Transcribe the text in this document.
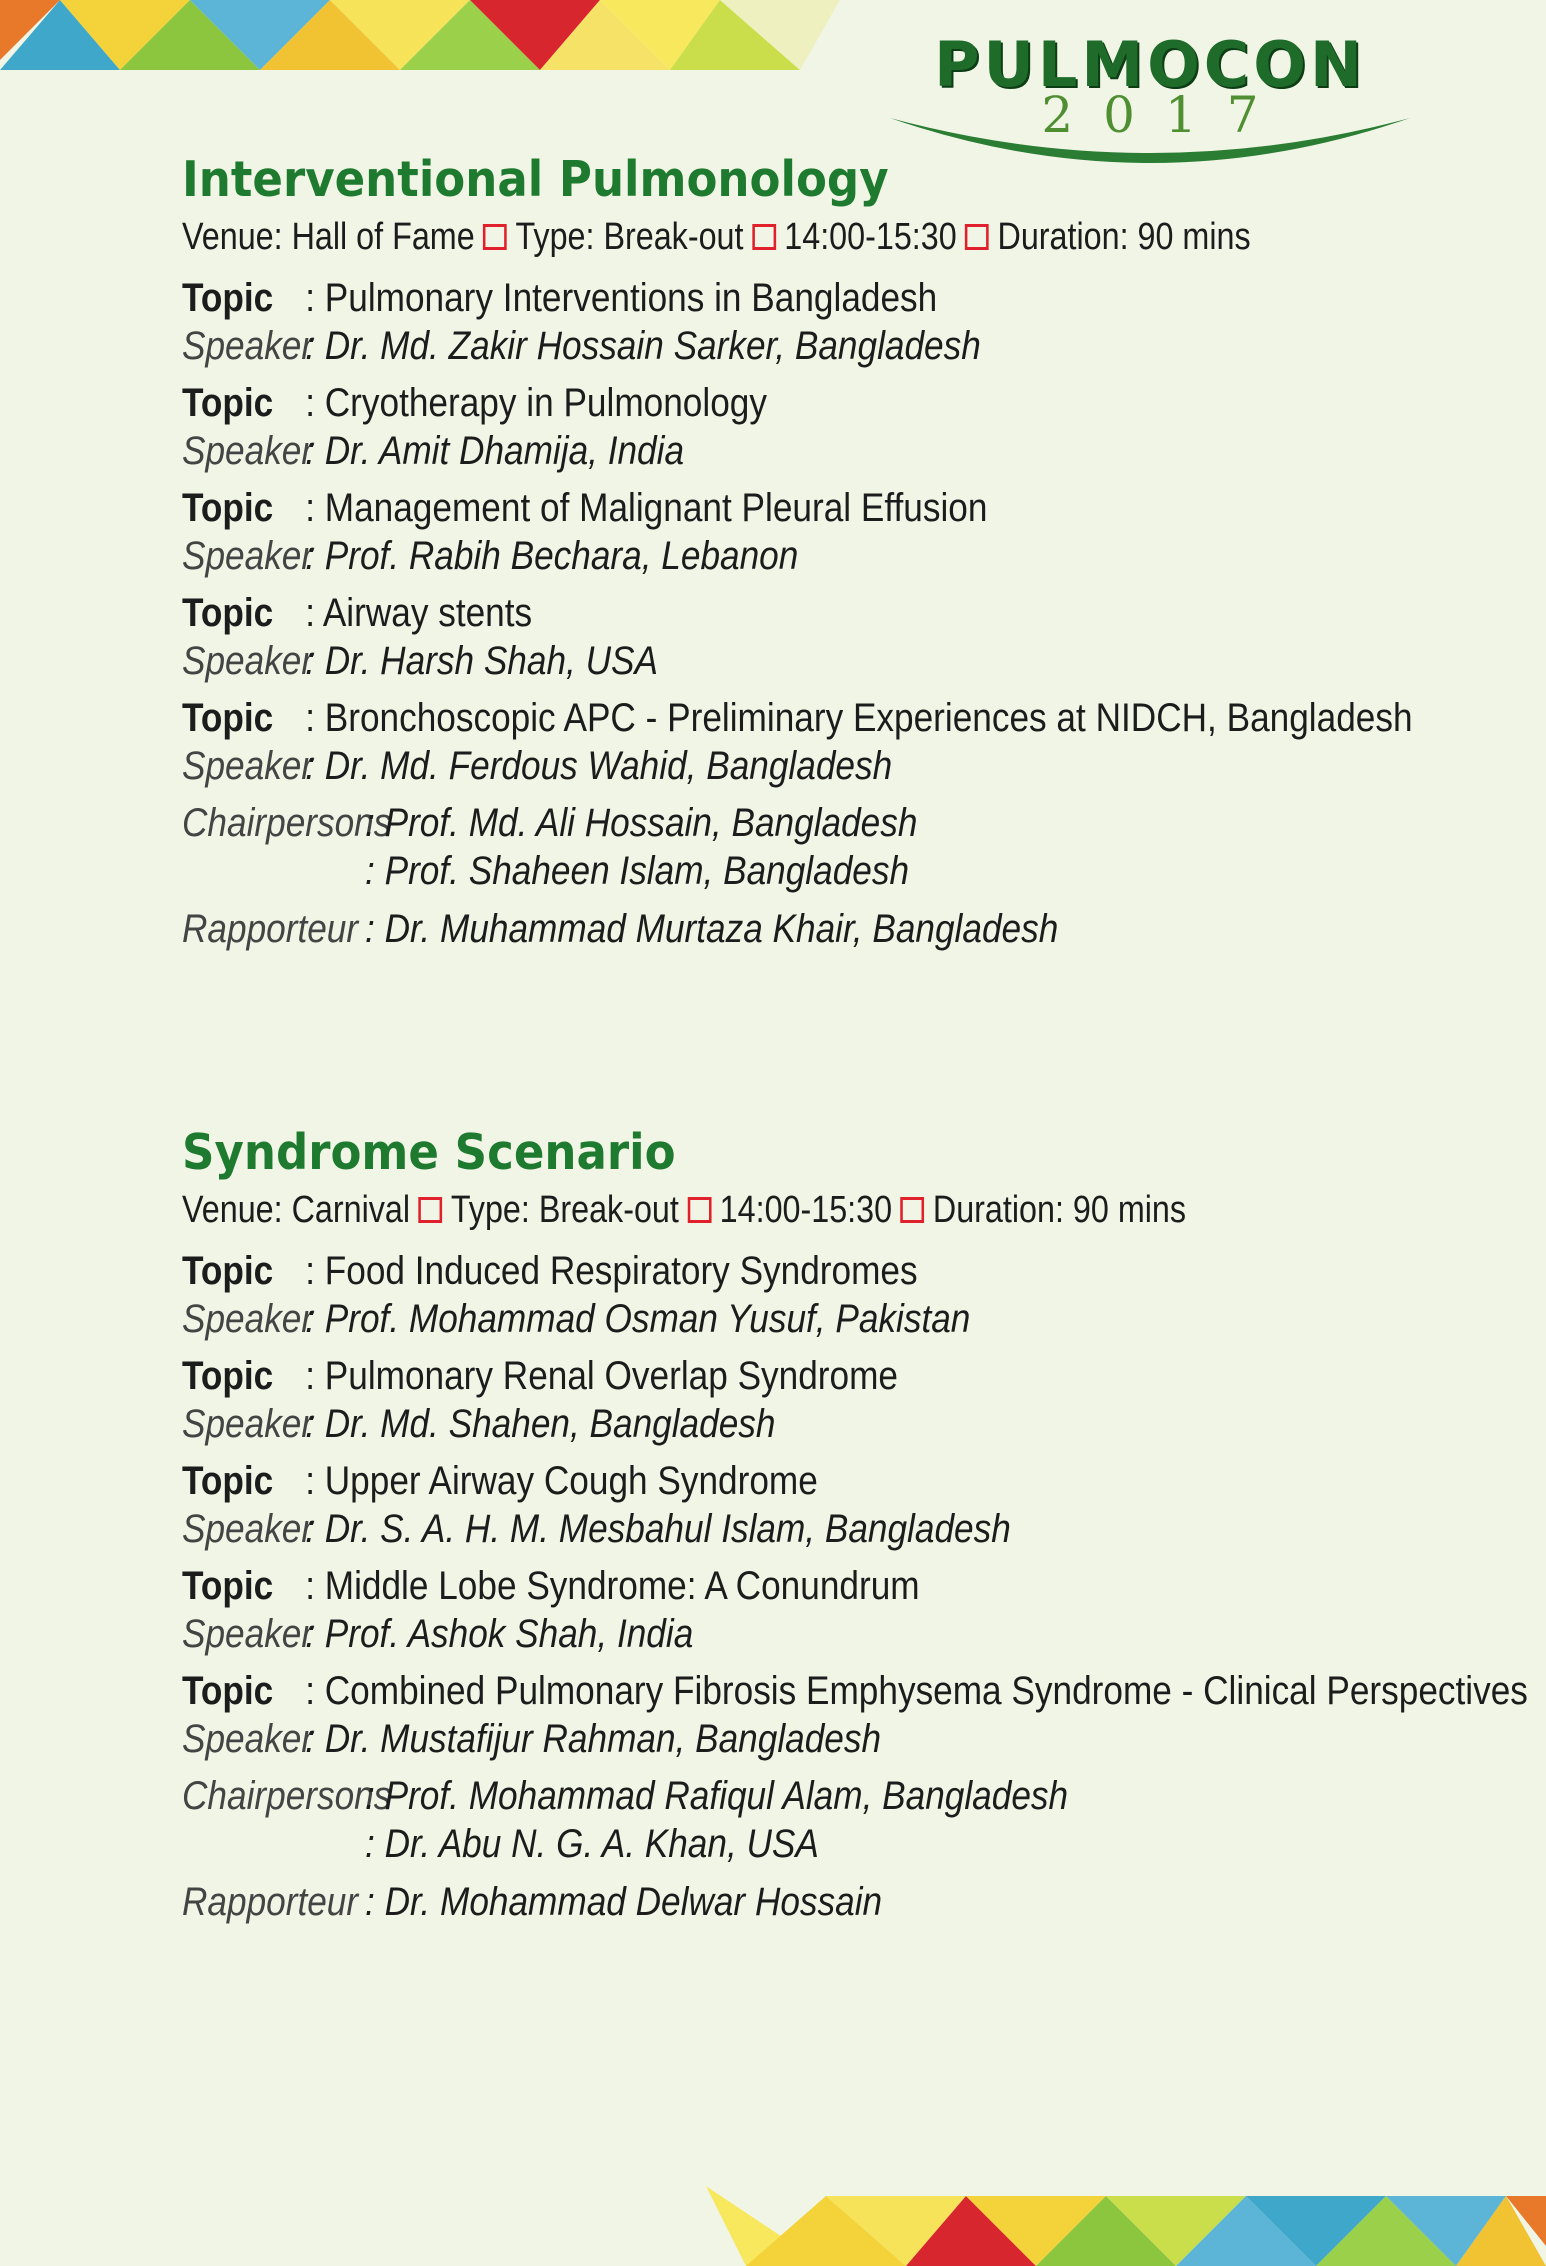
PULMOCON
2017
Interventional Pulmonology
Venue: Hall of Fame Type: Break-out 14:00-15:30 Duration: 90 mins
Topic : Pulmonary Interventions in Bangladesh
Speaker
: Dr. Md. Zakir Hossain Sarker, Bangladesh
Topic : Cryotherapy in Pulmonology
Speaker
: Dr. Amit Dhamija, India
Topic : Management of Malignant Pleural Effusion
Speaker
: Prof. Rabih Bechara, Lebanon
Topic : Airway stents
Speaker
: Dr. Harsh Shah, USA
Topic : Bronchoscopic APC - Preliminary Experiences at NIDCH, Bangladesh
Speaker
: Dr. Md. Ferdous Wahid, Bangladesh
Chairpersons
: Prof. Md. Ali Hossain, Bangladesh
: Prof. Shaheen Islam, Bangladesh
Rapporteur : Dr. Muhammad Murtaza Khair, Bangladesh
Syndrome Scenario
Venue: Carnival Type: Break-out 14:00-15:30 Duration: 90 mins
Topic : Food Induced Respiratory Syndromes
Speaker
: Prof. Mohammad Osman Yusuf, Pakistan
Topic : Pulmonary Renal Overlap Syndrome
Speaker
: Dr. Md. Shahen, Bangladesh
Topic : Upper Airway Cough Syndrome
Speaker
: Dr. S. A. H. M. Mesbahul Islam, Bangladesh
Topic : Middle Lobe Syndrome: A Conundrum
Speaker
: Prof. Ashok Shah, India
Topic : Combined Pulmonary Fibrosis Emphysema Syndrome - Clinical Perspectives
Speaker
: Dr. Mustafijur Rahman, Bangladesh
Chairpersons
: Prof. Mohammad Rafiqul Alam, Bangladesh
: Dr. Abu N. G. A. Khan, USA
Rapporteur : Dr. Mohammad Delwar Hossain
